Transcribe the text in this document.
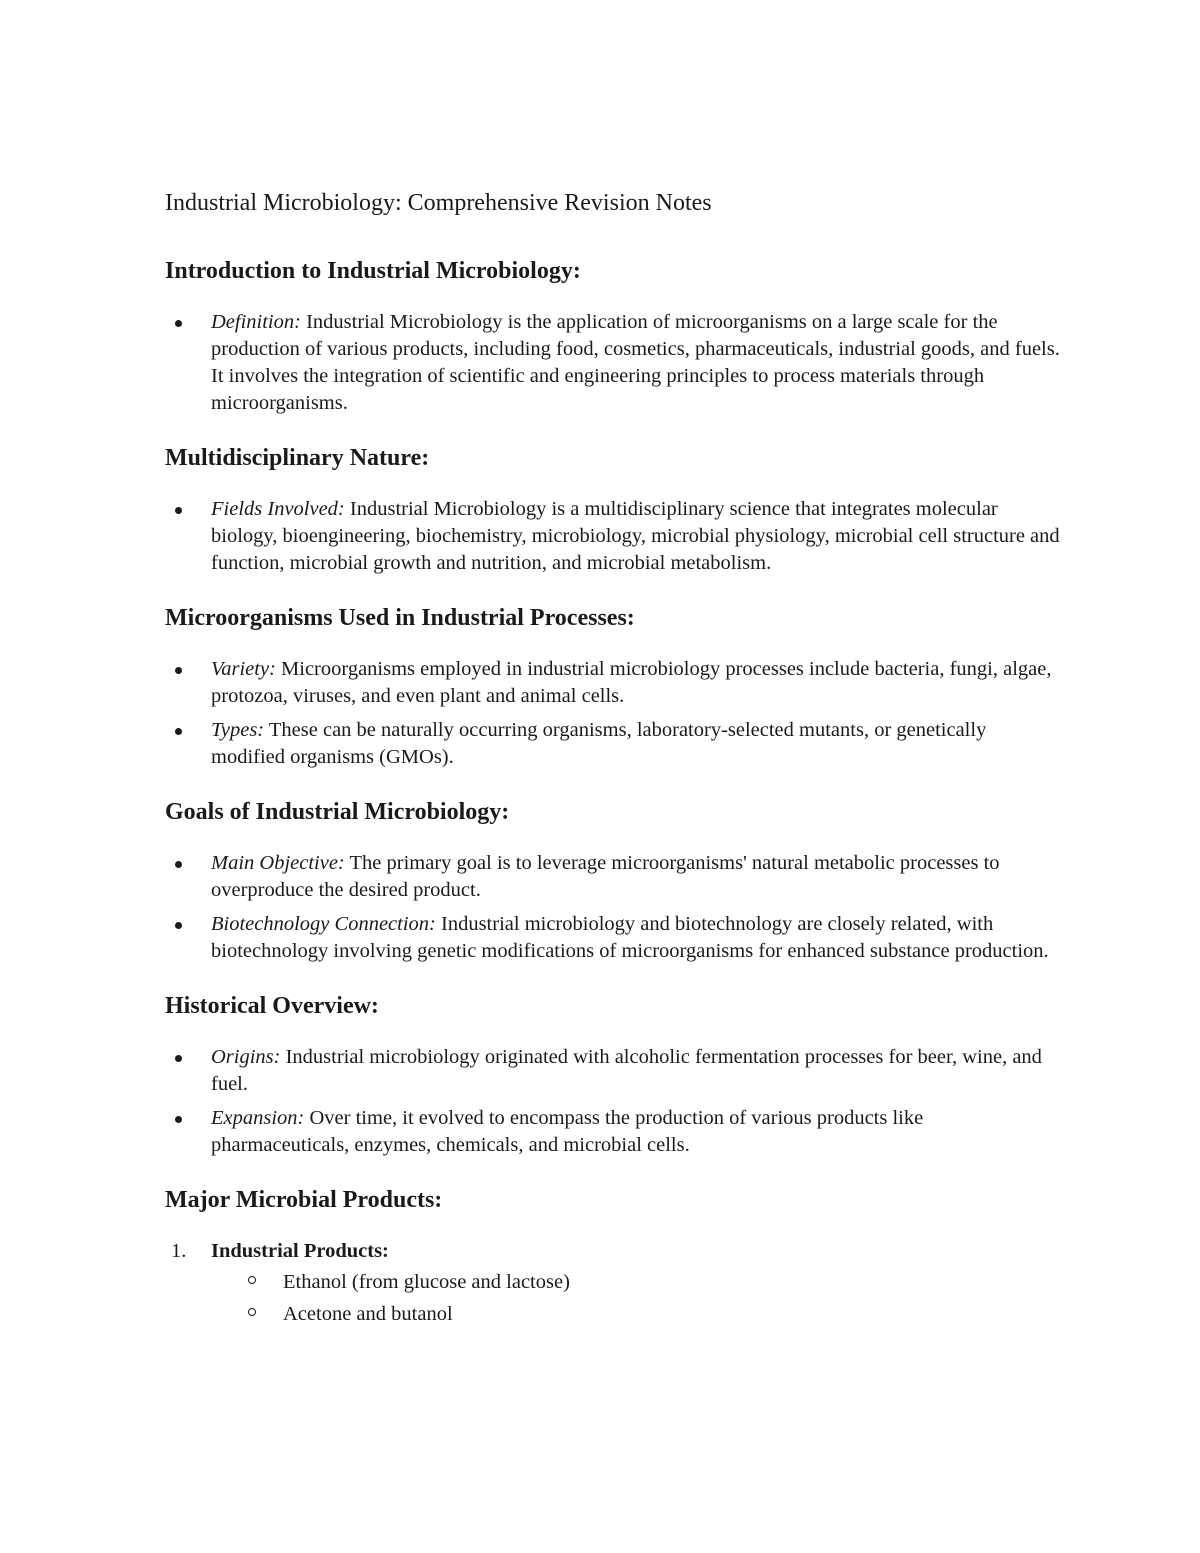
Industrial Microbiology: Comprehensive Revision Notes
Introduction to Industrial Microbiology:
Definition: Industrial Microbiology is the application of microorganisms on a large scale for the production of various products, including food, cosmetics, pharmaceuticals, industrial goods, and fuels. It involves the integration of scientific and engineering principles to process materials through microorganisms.
Multidisciplinary Nature:
Fields Involved: Industrial Microbiology is a multidisciplinary science that integrates molecular biology, bioengineering, biochemistry, microbiology, microbial physiology, microbial cell structure and function, microbial growth and nutrition, and microbial metabolism.
Microorganisms Used in Industrial Processes:
Variety: Microorganisms employed in industrial microbiology processes include bacteria, fungi, algae, protozoa, viruses, and even plant and animal cells.
Types: These can be naturally occurring organisms, laboratory-selected mutants, or genetically modified organisms (GMOs).
Goals of Industrial Microbiology:
Main Objective: The primary goal is to leverage microorganisms' natural metabolic processes to overproduce the desired product.
Biotechnology Connection: Industrial microbiology and biotechnology are closely related, with biotechnology involving genetic modifications of microorganisms for enhanced substance production.
Historical Overview:
Origins: Industrial microbiology originated with alcoholic fermentation processes for beer, wine, and fuel.
Expansion: Over time, it evolved to encompass the production of various products like pharmaceuticals, enzymes, chemicals, and microbial cells.
Major Microbial Products:
1. Industrial Products:
Ethanol (from glucose and lactose)
Acetone and butanol
